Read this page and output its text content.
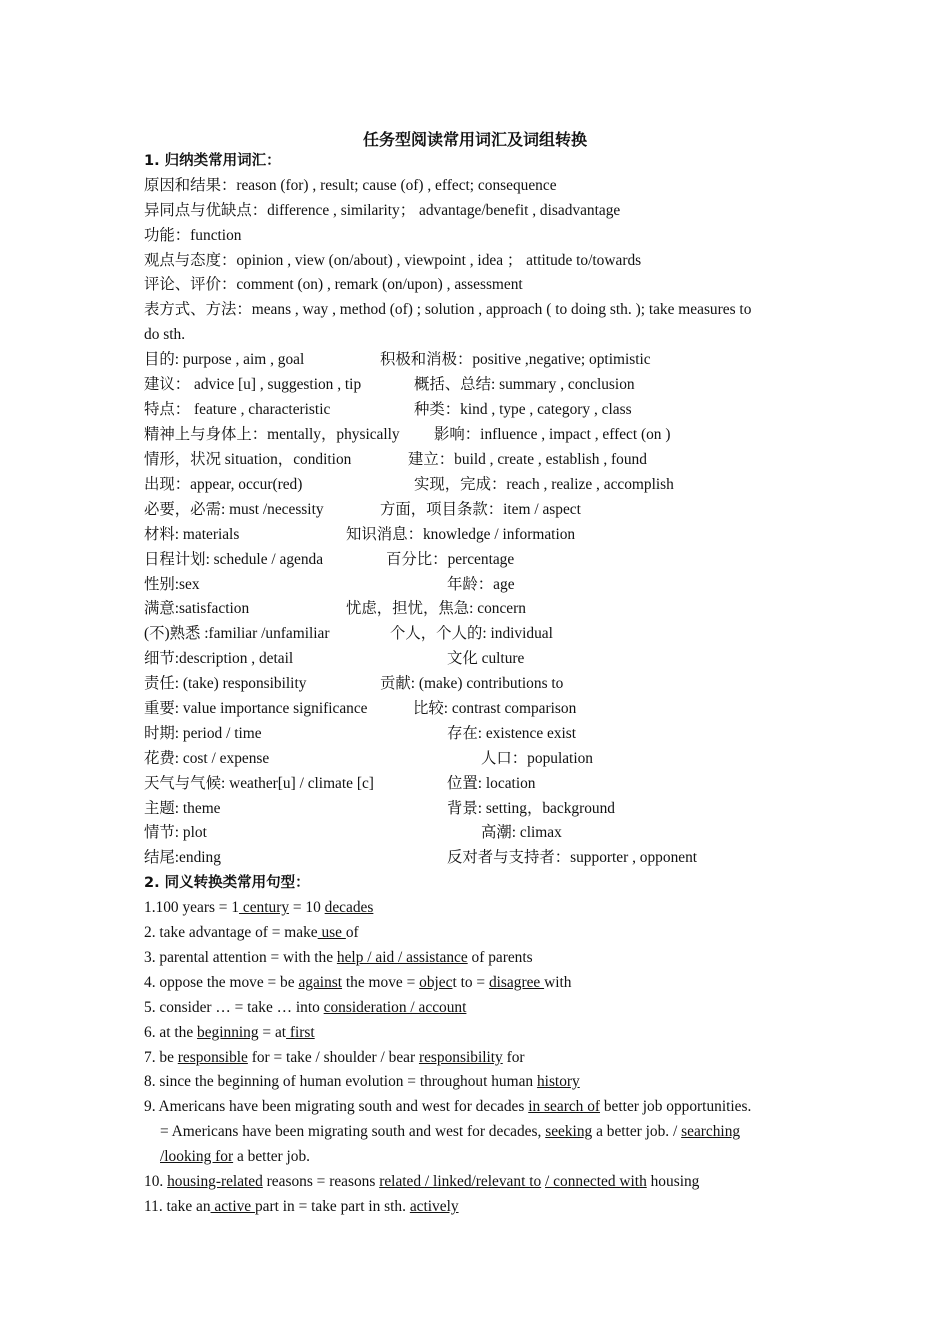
任务型阅读常用词汇及词组转换
1. 归纳类常用词汇：
原因和结果：reason (for) , result; cause (of) , effect; consequence
异同点与优缺点：difference , similarity； advantage/benefit , disadvantage
功能：function
观点与态度：opinion , view (on/about) , viewpoint , idea ； attitude to/towards
评论、评价：comment (on) , remark (on/upon) , assessment
表方式、方法：means , way , method (of) ; solution , approach ( to doing sth. ); take measures to
do sth.
目的: purpose , aim , goal	积极和消极：positive ,negative; optimistic
建议： advice [u] , suggestion , tip	概括、总结: summary , conclusion
特点： feature , characteristic	种类：kind , type , category , class
精神上与身体上：mentally，physically 影响：influence , impact , effect (on )
情形，状况 situation，condition	建立：build , create , establish , found
出现：appear, occur(red)	实现，完成：reach , realize , accomplish
必要，必需: must /necessity	方面，项目条款：item / aspect
材料: materials	知识消息：knowledge / information
日程计划: schedule / agenda	百分比：percentage
性别:sex	年龄：age
满意:satisfaction	忧虑，担忧，焦急: concern
(不)熟悉 :familiar /unfamiliar	个人，个人的: individual
细节:description , detail	文化 culture
责任: (take) responsibility	贡献: (make) contributions to
重要: value importance significance	比较: contrast comparison
时期: period / time	存在: existence exist
花费: cost / expense	人口：population
天气与气候: weather[u] / climate [c]	位置: location
主题: theme	背景: setting，background
情节: plot	高潮: climax
结尾:ending	反对者与支持者：supporter , opponent
2. 同义转换类常用句型：
1.100 years = 1 century = 10 decades
2. take advantage of = make use of
3. parental attention = with the help / aid / assistance of parents
4. oppose the move = be against the move = object to = disagree with
5. consider … = take … into consideration / account
6. at the beginning = at first
7. be responsible for = take / shoulder / bear responsibility for
8. since the beginning of human evolution = throughout human history
9. Americans have been migrating south and west for decades in search of better job opportunities.
= Americans have been migrating south and west for decades, seeking a better job. / searching
/looking for a better job.
10. housing-related reasons = reasons related / linked/relevant to / connected with housing
11. take an active part in = take part in sth. actively
